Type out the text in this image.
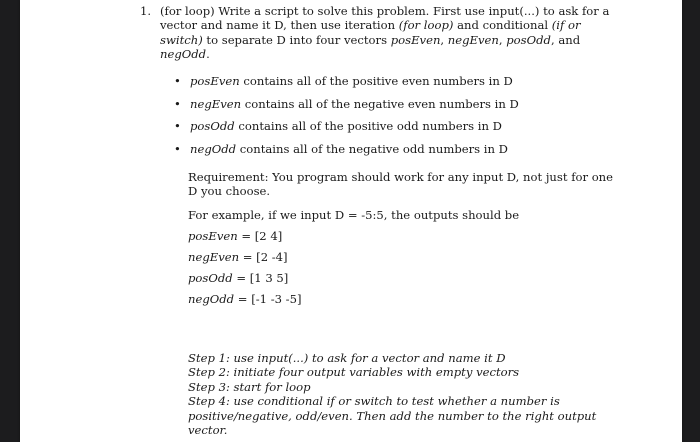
1. (for loop) Write a script to solve this problem. First use input(...) to ask for a vector and name it D, then use iteration (for loop) and conditional (if or switch) to separate D into four vectors posEven, negEven, posOdd, and negOdd.

• posEven contains all of the positive even numbers in D
• negEven contains all of the negative even numbers in D
• posOdd contains all of the positive odd numbers in D
• negOdd contains all of the negative odd numbers in D

Requirement: You program should work for any input D, not just for one D you choose.

For example, if we input D = -5:5, the outputs should be

posEven = [2 4]

negEven = [2 -4]

posOdd = [1 3 5]

negOdd = [-1 -3 -5]

Step 1: use input(...) to ask for a vector and name it D

Step 2: initiate four output variables with empty vectors

Step 3: start for loop

Step 4: use conditional if or switch to test whether a number is positive/negative, odd/even. Then add the number to the right output vector.
